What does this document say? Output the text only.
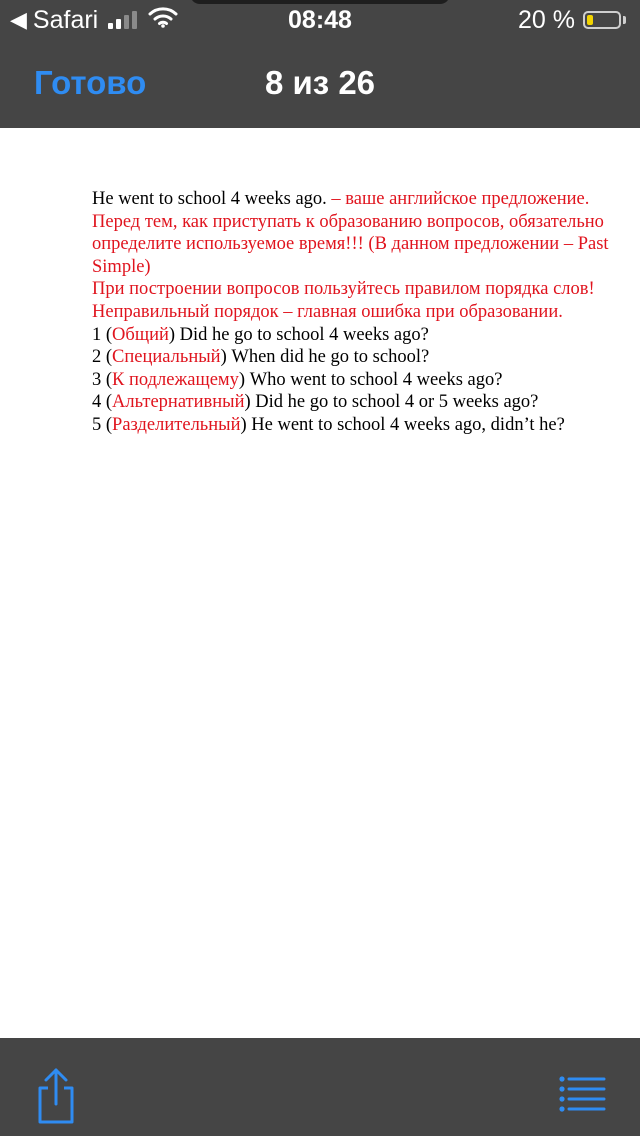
◀ Safari	08:48	20 %
Готово	8 из 26

He went to school 4 weeks ago. – ваше английское предложение.

Перед тем, как приступать к образованию вопросов, обязательно определите используемое время!!! (В данном предложении – Past Simple)

При построении вопросов пользуйтесь правилом порядка слов! Неправильный порядок – главная ошибка при образовании.

1 (Общий) Did he go to school 4 weeks ago?

2 (Специальный) When did he go to school?

3 (К подлежащему) Who went to school 4 weeks ago?

4 (Альтернативный) Did he go to school 4 or 5 weeks ago?

5 (Разделительный) He went to school 4 weeks ago, didn’t he?
